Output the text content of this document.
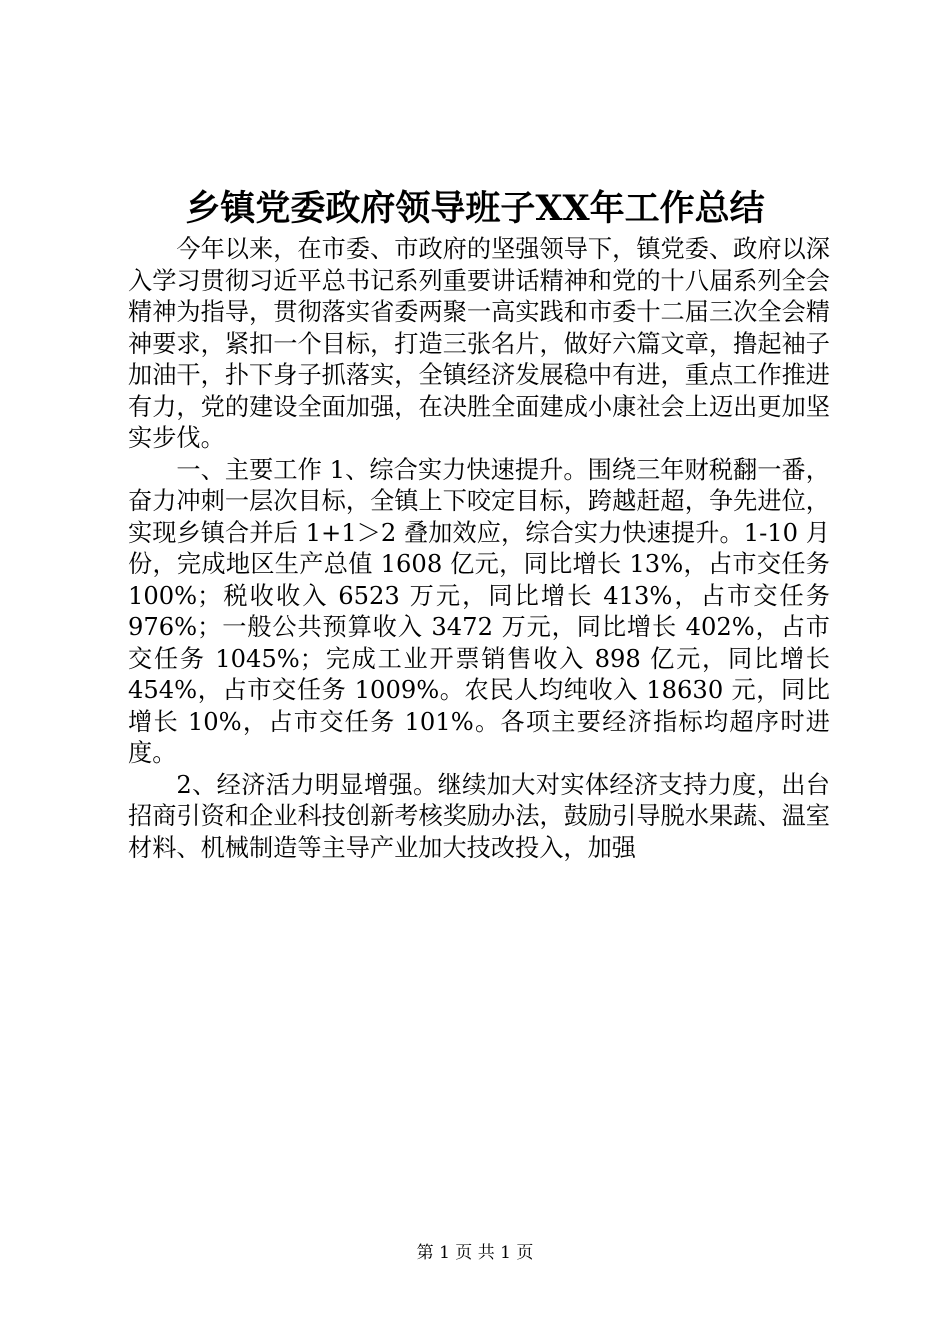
乡镇党委政府领导班子XX年工作总结

今年以来，在市委、市政府的坚强领导下，镇党委、政府以深入学习贯彻习近平总书记系列重要讲话精神和党的十八届系列全会精神为指导，贯彻落实省委两聚一高实践和市委十二届三次全会精神要求，紧扣一个目标，打造三张名片，做好六篇文章，撸起袖子加油干，扑下身子抓落实，全镇经济发展稳中有进，重点工作推进有力，党的建设全面加强，在决胜全面建成小康社会上迈出更加坚实步伐。

一、主要工作 1、综合实力快速提升。围绕三年财税翻一番，奋力冲刺一层次目标，全镇上下咬定目标，跨越赶超，争先进位，实现乡镇合并后 1+1＞2 叠加效应，综合实力快速提升。1-10 月份，完成地区生产总值 1608 亿元，同比增长 13%，占市交任务 100%；税收收入 6523 万元，同比增长 413%，占市交任务 976%；一般公共预算收入 3472 万元，同比增长 402%，占市交任务 1045%；完成工业开票销售收入 898 亿元，同比增长 454%，占市交任务 1009%。农民人均纯收入 18630 元，同比增长 10%，占市交任务 101%。各项主要经济指标均超序时进度。

2、经济活力明显增强。继续加大对实体经济支持力度，出台招商引资和企业科技创新考核奖励办法，鼓励引导脱水果蔬、温室材料、机械制造等主导产业加大技改投入，加强

第 1 页 共 1 页
